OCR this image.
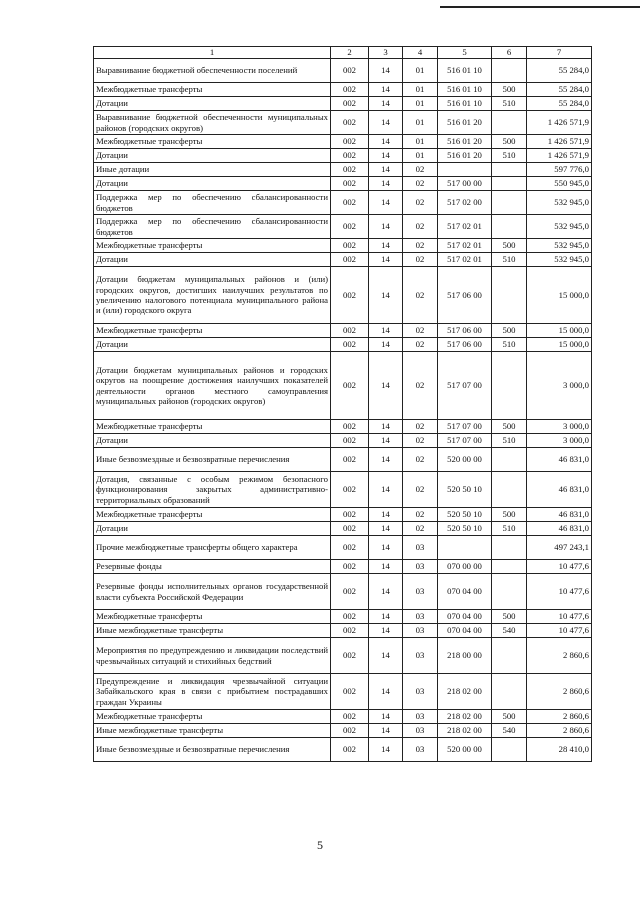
1	2	3	4	5	6	7
Выравнивание бюджетной обеспеченности поселений	002	14	01	516 01 10		55 284,0
Межбюджетные трансферты	002	14	01	516 01 10	500	55 284,0
Дотации	002	14	01	516 01 10	510	55 284,0
Выравнивание бюджетной обеспеченности муниципальных районов (городских округов)	002	14	01	516 01 20		1 426 571,9
Межбюджетные трансферты	002	14	01	516 01 20	500	1 426 571,9
Дотации	002	14	01	516 01 20	510	1 426 571,9
Иные дотации	002	14	02			597 776,0
Дотации	002	14	02	517 00 00		550 945,0
Поддержка мер по обеспечению сбалансированности бюджетов	002	14	02	517 02 00		532 945,0
Поддержка мер по обеспечению сбалансированности бюджетов	002	14	02	517 02 01		532 945,0
Межбюджетные трансферты	002	14	02	517 02 01	500	532 945,0
Дотации	002	14	02	517 02 01	510	532 945,0
Дотации бюджетам муниципальных районов и (или) городских округов, достигших наилучших результатов по увеличению налогового потенциала муниципального района и (или) городского округа	002	14	02	517 06 00		15 000,0
Межбюджетные трансферты	002	14	02	517 06 00	500	15 000,0
Дотации	002	14	02	517 06 00	510	15 000,0
Дотации бюджетам муниципальных районов и городских округов на поощрение достижения наилучших показателей деятельности органов местного самоуправления муниципальных районов (городских округов)	002	14	02	517 07 00		3 000,0
Межбюджетные трансферты	002	14	02	517 07 00	500	3 000,0
Дотации	002	14	02	517 07 00	510	3 000,0
Иные безвозмездные и безвозвратные перечисления	002	14	02	520 00 00		46 831,0
Дотация, связанные с особым режимом безопасного функционирования закрытых административно-территориальных образований	002	14	02	520 50 10		46 831,0
Межбюджетные трансферты	002	14	02	520 50 10	500	46 831,0
Дотации	002	14	02	520 50 10	510	46 831,0
Прочие межбюджетные трансферты общего характера	002	14	03			497 243,1
Резервные фонды	002	14	03	070 00 00		10 477,6
Резервные фонды исполнительных органов государственной власти субъекта Российской Федерации	002	14	03	070 04 00		10 477,6
Межбюджетные трансферты	002	14	03	070 04 00	500	10 477,6
Иные межбюджетные трансферты	002	14	03	070 04 00	540	10 477,6
Мероприятия по предупреждению и ликвидации последствий чрезвычайных ситуаций и стихийных бедствий	002	14	03	218 00 00		2 860,6
Предупреждение и ликвидация чрезвычайной ситуации Забайкальского края в связи с прибытием пострадавших граждан Украины	002	14	03	218 02 00		2 860,6
Межбюджетные трансферты	002	14	03	218 02 00	500	2 860,6
Иные межбюджетные трансферты	002	14	03	218 02 00	540	2 860,6
Иные безвозмездные и безвозвратные перечисления	002	14	03	520 00 00		28 410,0
5
